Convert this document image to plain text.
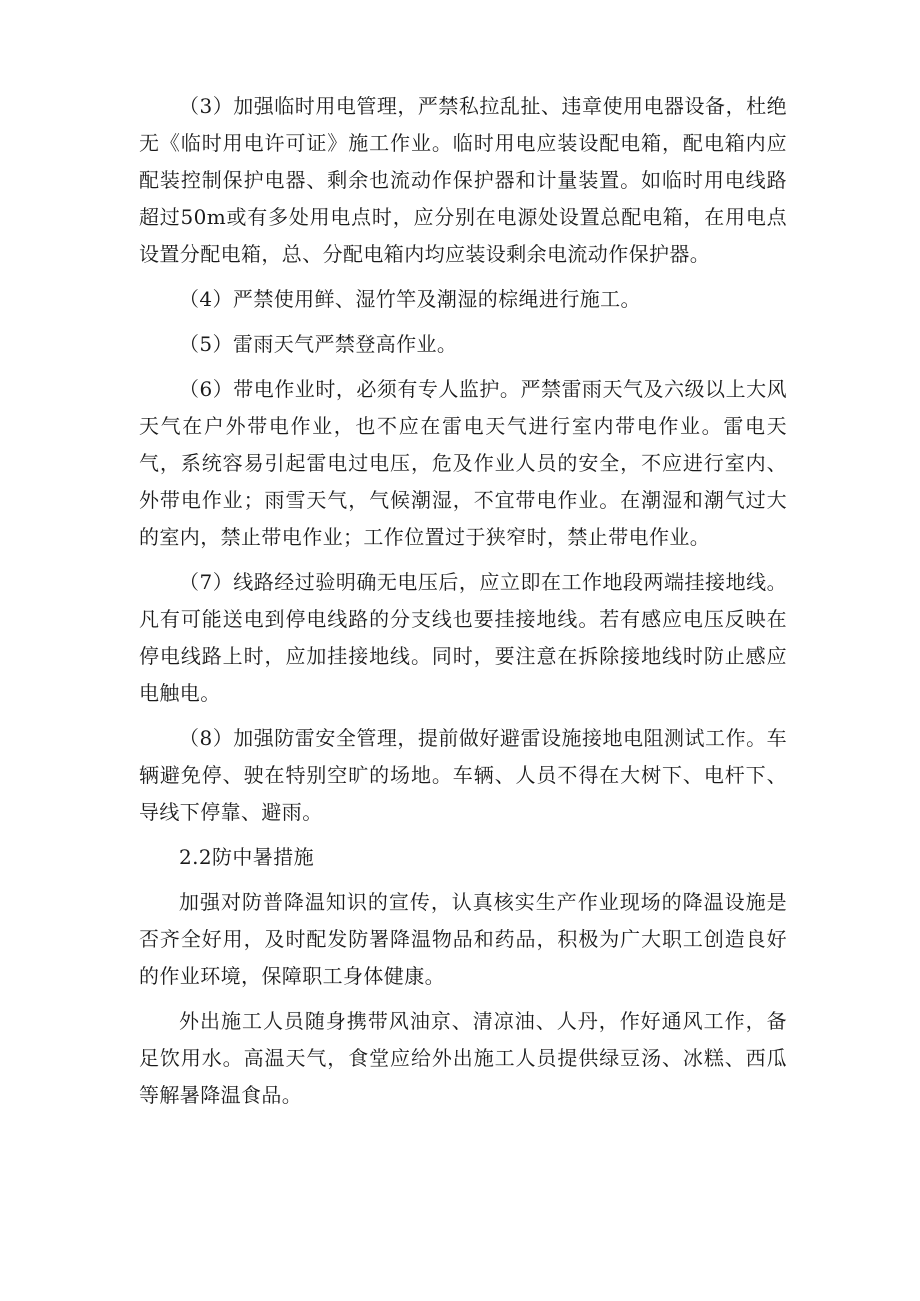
（3）加强临时用电管理，严禁私拉乱扯、违章使用电器设备，杜绝无《临时用电许可证》施工作业。临时用电应装设配电箱，配电箱内应配装控制保护电器、剩余也流动作保护器和计量装置。如临时用电线路超过50m或有多处用电点时，应分别在电源处设置总配电箱，在用电点设置分配电箱，总、分配电箱内均应装设剩余电流动作保护器。

（4）严禁使用鲜、湿竹竿及潮湿的棕绳进行施工。

（5）雷雨天气严禁登高作业。

（6）带电作业时，必须有专人监护。严禁雷雨天气及六级以上大风天气在户外带电作业，也不应在雷电天气进行室内带电作业。雷电天气，系统容易引起雷电过电压，危及作业人员的安全，不应进行室内、外带电作业；雨雪天气，气候潮湿，不宜带电作业。在潮湿和潮气过大的室内，禁止带电作业；工作位置过于狭窄时，禁止带电作业。

（7）线路经过验明确无电压后，应立即在工作地段两端挂接地线。凡有可能送电到停电线路的分支线也要挂接地线。若有感应电压反映在停电线路上时，应加挂接地线。同时，要注意在拆除接地线时防止感应电触电。

（8）加强防雷安全管理，提前做好避雷设施接地电阻测试工作。车辆避免停、驶在特别空旷的场地。车辆、人员不得在大树下、电杆下、导线下停靠、避雨。

2.2防中暑措施

加强对防普降温知识的宣传，认真核实生产作业现场的降温设施是否齐全好用，及时配发防署降温物品和药品，积极为广大职工创造良好的作业环境，保障职工身体健康。

外出施工人员随身携带风油京、清凉油、人丹，作好通风工作，备足饮用水。高温天气，食堂应给外出施工人员提供绿豆汤、冰糕、西瓜等解暑降温食品。
